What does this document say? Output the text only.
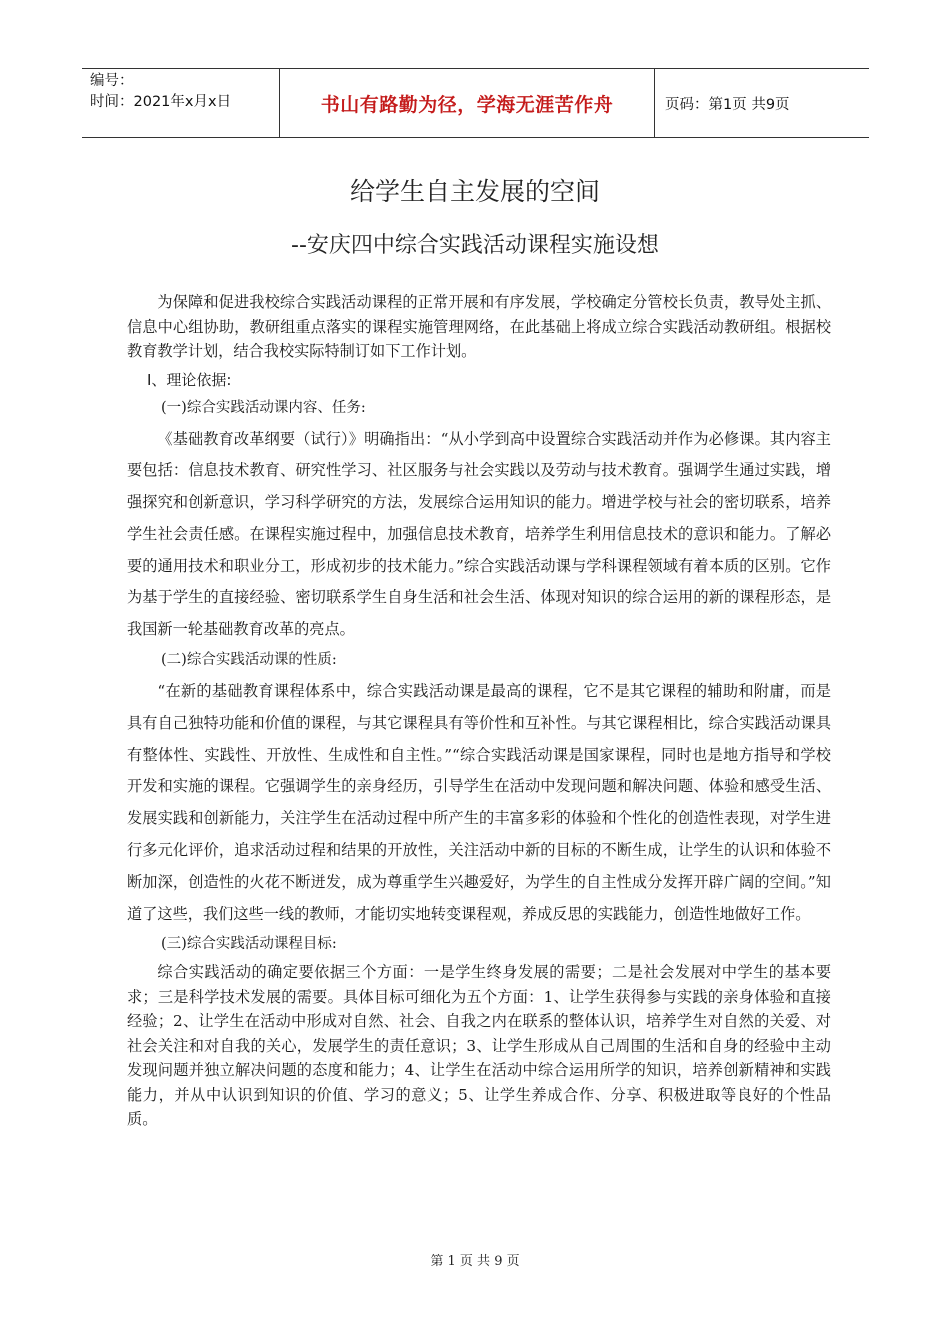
编号：
时间：2021年x月x日	书山有路勤为径，学海无涯苦作舟	页码：第1页 共9页
给学生自主发展的空间
--安庆四中综合实践活动课程实施设想

为保障和促进我校综合实践活动课程的正常开展和有序发展，学校确定分管校长负责，教导处主抓、信息中心组协助，教研组重点落实的课程实施管理网络，在此基础上将成立综合实践活动教研组。根据校教育教学计划，结合我校实际特制订如下工作计划。

Ⅰ、理论依据:
(一)综合实践活动课内容、任务:

《基础教育改革纲要（试行）》明确指出：“从小学到高中设置综合实践活动并作为必修课。其内容主要包括：信息技术教育、研究性学习、社区服务与社会实践以及劳动与技术教育。强调学生通过实践，增强探究和创新意识，学习科学研究的方法，发展综合运用知识的能力。增进学校与社会的密切联系，培养学生社会责任感。在课程实施过程中，加强信息技术教育，培养学生利用信息技术的意识和能力。了解必要的通用技术和职业分工，形成初步的技术能力。”综合实践活动课与学科课程领域有着本质的区别。它作为基于学生的直接经验、密切联系学生自身生活和社会生活、体现对知识的综合运用的新的课程形态，是我国新一轮基础教育改革的亮点。

(二)综合实践活动课的性质:

“在新的基础教育课程体系中，综合实践活动课是最高的课程，它不是其它课程的辅助和附庸，而是具有自己独特功能和价值的课程，与其它课程具有等价性和互补性。与其它课程相比，综合实践活动课具有整体性、实践性、开放性、生成性和自主性。”“综合实践活动课是国家课程，同时也是地方指导和学校开发和实施的课程。它强调学生的亲身经历，引导学生在活动中发现问题和解决问题、体验和感受生活、发展实践和创新能力，关注学生在活动过程中所产生的丰富多彩的体验和个性化的创造性表现，对学生进行多元化评价，追求活动过程和结果的开放性，关注活动中新的目标的不断生成，让学生的认识和体验不断加深，创造性的火花不断迸发，成为尊重学生兴趣爱好，为学生的自主性成分发挥开辟广阔的空间。”知道了这些，我们这些一线的教师，才能切实地转变课程观，养成反思的实践能力，创造性地做好工作。

(三)综合实践活动课程目标:

综合实践活动的确定要依据三个方面：一是学生终身发展的需要；二是社会发展对中学生的基本要求；三是科学技术发展的需要。具体目标可细化为五个方面：1、让学生获得参与实践的亲身体验和直接经验；2、让学生在活动中形成对自然、社会、自我之内在联系的整体认识，培养学生对自然的关爱、对社会关注和对自我的关心，发展学生的责任意识；3、让学生形成从自己周围的生活和自身的经验中主动发现问题并独立解决问题的态度和能力；4、让学生在活动中综合运用所学的知识，培养创新精神和实践能力，并从中认识到知识的价值、学习的意义；5、让学生养成合作、分享、积极进取等良好的个性品质。

第 1 页 共 9 页
